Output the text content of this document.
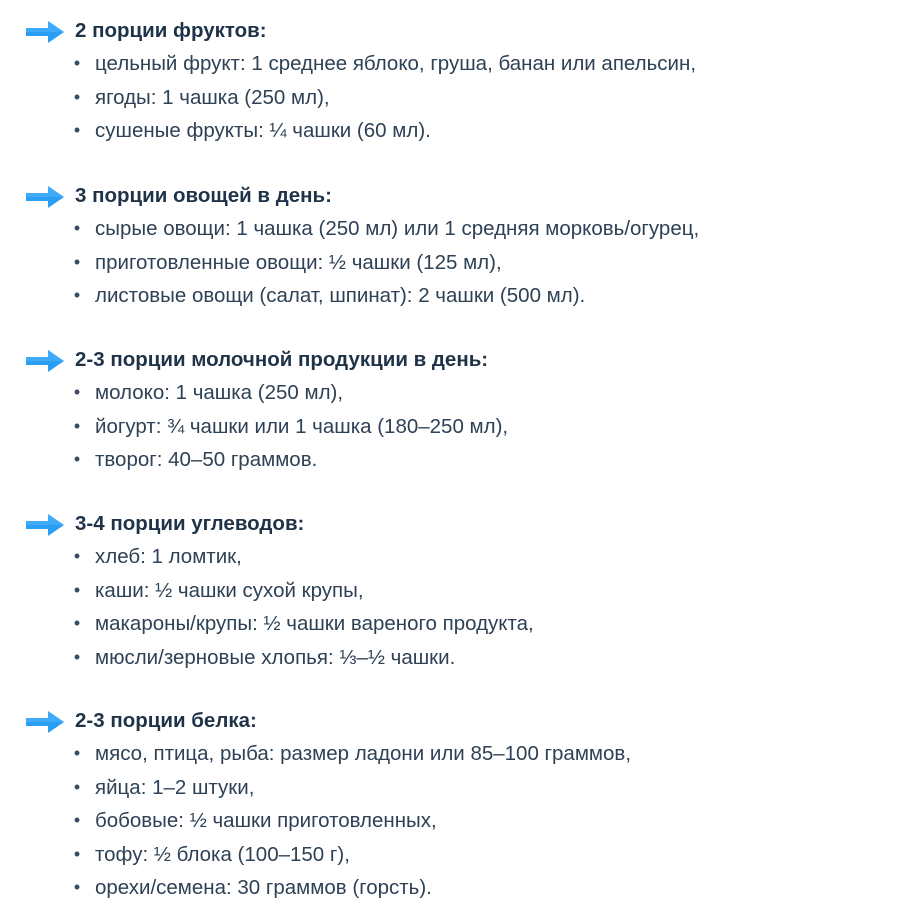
2 порции фруктов:
• цельный фрукт: 1 среднее яблоко, груша, банан или апельсин,
• ягоды: 1 чашка (250 мл),
• сушеные фрукты: ¼ чашки (60 мл).
3 порции овощей в день:
• сырые овощи: 1 чашка (250 мл) или 1 средняя морковь/огурец,
• приготовленные овощи: ½ чашки (125 мл),
• листовые овощи (салат, шпинат): 2 чашки (500 мл).
2-3 порции молочной продукции в день:
• молоко: 1 чашка (250 мл),
• йогурт: ¾ чашки или 1 чашка (180–250 мл),
• творог: 40–50 граммов.
3-4 порции углеводов:
• хлеб: 1 ломтик,
• каши: ½ чашки сухой крупы,
• макароны/крупы: ½ чашки вареного продукта,
• мюсли/зерновые хлопья: ⅓–½ чашки.
2-3 порции белка:
• мясо, птица, рыба: размер ладони или 85–100 граммов,
• яйца: 1–2 штуки,
• бобовые: ½ чашки приготовленных,
• тофу: ½ блока (100–150 г),
• орехи/семена: 30 граммов (горсть).
